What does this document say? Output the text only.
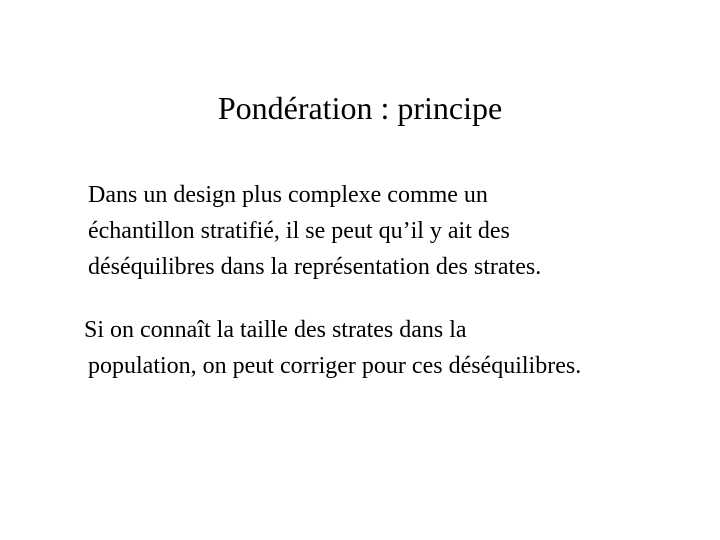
Pondération : principe
Dans un design plus complexe comme un
échantillon stratifié, il se peut qu’il y ait des
déséquilibres dans la représentation des strates.
Si on connaît la taille des strates dans la
population, on peut corriger pour ces déséquilibres.
